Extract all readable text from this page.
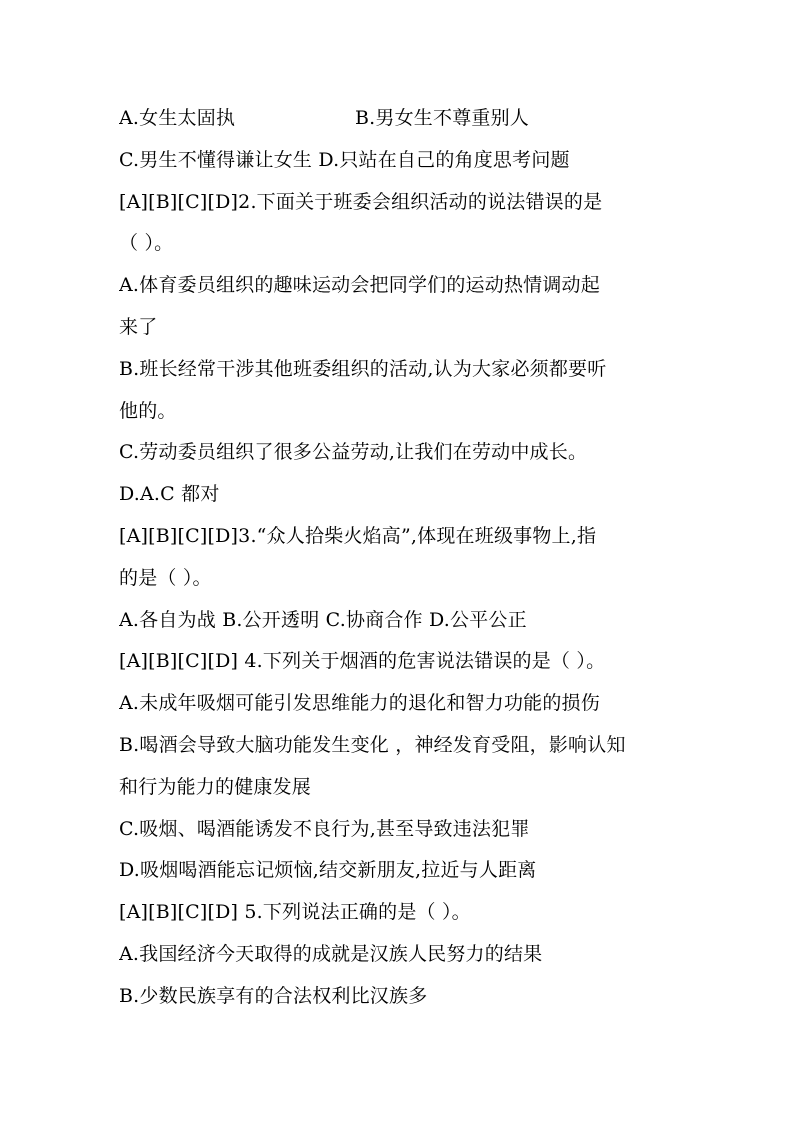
A.女生太固执	B.男女生不尊重别人
C.男生不懂得谦让女生 D.只站在自己的角度思考问题
[A][B][C][D]2.下面关于班委会组织活动的说法错误的是
（ ）。
A.体育委员组织的趣味运动会把同学们的运动热情调动起
来了
B.班长经常干涉其他班委组织的活动,认为大家必须都要听
他的。
C.劳动委员组织了很多公益劳动,让我们在劳动中成长。
D.A.C 都对
[A][B][C][D]3.“众人拾柴火焰高”,体现在班级事物上,指
的是（ ）。
A.各自为战 B.公开透明 C.协商合作 D.公平公正
[A][B][C][D] 4.下列关于烟酒的危害说法错误的是（ ）。
A.未成年吸烟可能引发思维能力的退化和智力功能的损伤
B.喝酒会导致大脑功能发生变化 ，神经发育受阻，影响认知
和行为能力的健康发展
C.吸烟、喝酒能诱发不良行为,甚至导致违法犯罪
D.吸烟喝酒能忘记烦恼,结交新朋友,拉近与人距离
[A][B][C][D] 5.下列说法正确的是（ ）。
A.我国经济今天取得的成就是汉族人民努力的结果
B.少数民族享有的合法权利比汉族多
